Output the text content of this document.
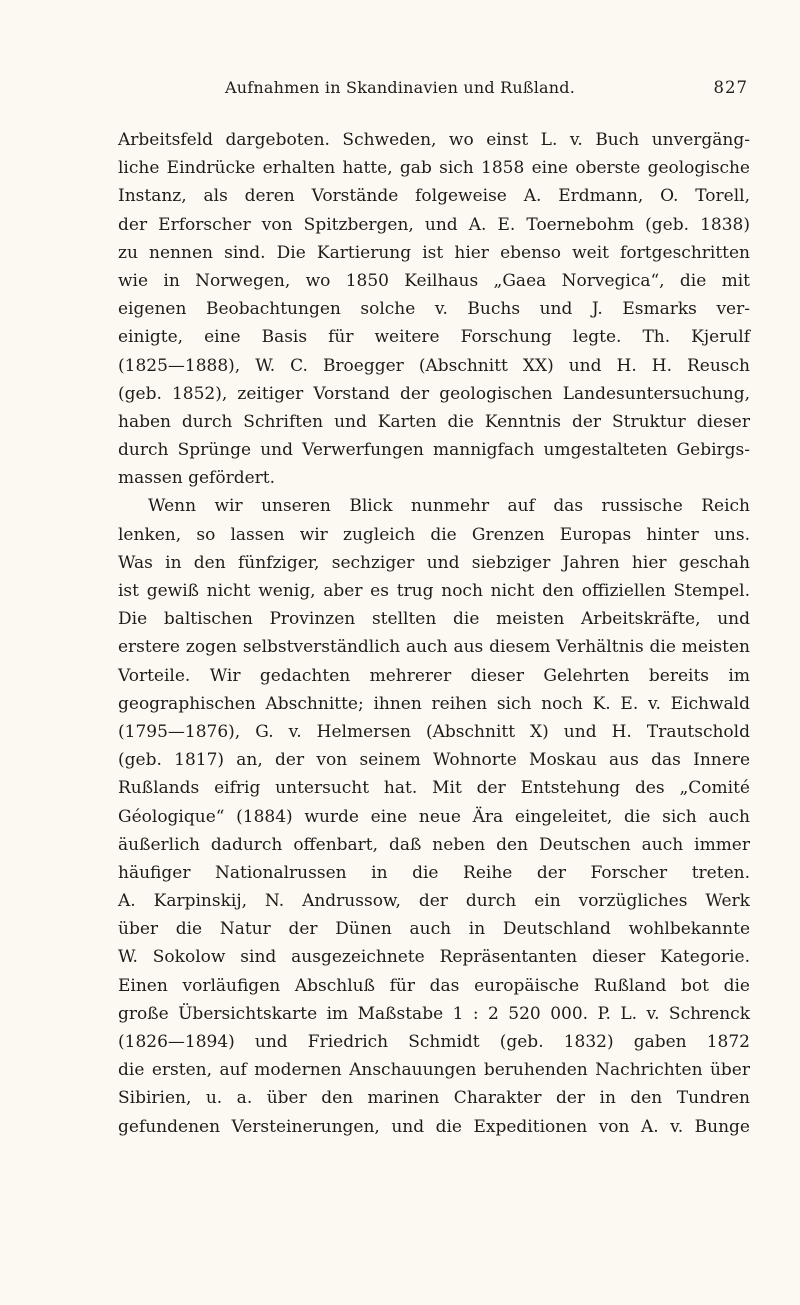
Aufnahmen in Skandinavien und Rußland.	827
Arbeitsfeld dargeboten. Schweden, wo einst L. v. Buch unvergäng-
liche Eindrücke erhalten hatte, gab sich 1858 eine oberste geologische
Instanz, als deren Vorstände folgeweise A. Erdmann, O. Torell,
der Erforscher von Spitzbergen, und A. E. Toernebohm (geb. 1838)
zu nennen sind. Die Kartierung ist hier ebenso weit fortgeschritten
wie in Norwegen, wo 1850 Keilhaus „Gaea Norvegica“, die mit
eigenen Beobachtungen solche v. Buchs und J. Esmarks ver-
einigte, eine Basis für weitere Forschung legte. Th. Kjerulf
(1825—1888), W. C. Broegger (Abschnitt XX) und H. H. Reusch
(geb. 1852), zeitiger Vorstand der geologischen Landesuntersuchung,
haben durch Schriften und Karten die Kenntnis der Struktur dieser
durch Sprünge und Verwerfungen mannigfach umgestalteten Gebirgs-
massen gefördert.
Wenn wir unseren Blick nunmehr auf das russische Reich
lenken, so lassen wir zugleich die Grenzen Europas hinter uns.
Was in den fünfziger, sechziger und siebziger Jahren hier geschah
ist gewiß nicht wenig, aber es trug noch nicht den offiziellen Stempel.
Die baltischen Provinzen stellten die meisten Arbeitskräfte, und
erstere zogen selbstverständlich auch aus diesem Verhältnis die meisten
Vorteile. Wir gedachten mehrerer dieser Gelehrten bereits im
geographischen Abschnitte; ihnen reihen sich noch K. E. v. Eichwald
(1795—1876), G. v. Helmersen (Abschnitt X) und H. Trautschold
(geb. 1817) an, der von seinem Wohnorte Moskau aus das Innere
Rußlands eifrig untersucht hat. Mit der Entstehung des „Comité
Géologique“ (1884) wurde eine neue Ära eingeleitet, die sich auch
äußerlich dadurch offenbart, daß neben den Deutschen auch immer
häufiger Nationalrussen in die Reihe der Forscher treten.
A. Karpinskij, N. Andrussow, der durch ein vorzügliches Werk
über die Natur der Dünen auch in Deutschland wohlbekannte
W. Sokolow sind ausgezeichnete Repräsentanten dieser Kategorie.
Einen vorläufigen Abschluß für das europäische Rußland bot die
große Übersichtskarte im Maßstabe 1 : 2 520 000. P. L. v. Schrenck
(1826—1894) und Friedrich Schmidt (geb. 1832) gaben 1872
die ersten, auf modernen Anschauungen beruhenden Nachrichten über
Sibirien, u. a. über den marinen Charakter der in den Tundren
gefundenen Versteinerungen, und die Expeditionen von A. v. Bunge
